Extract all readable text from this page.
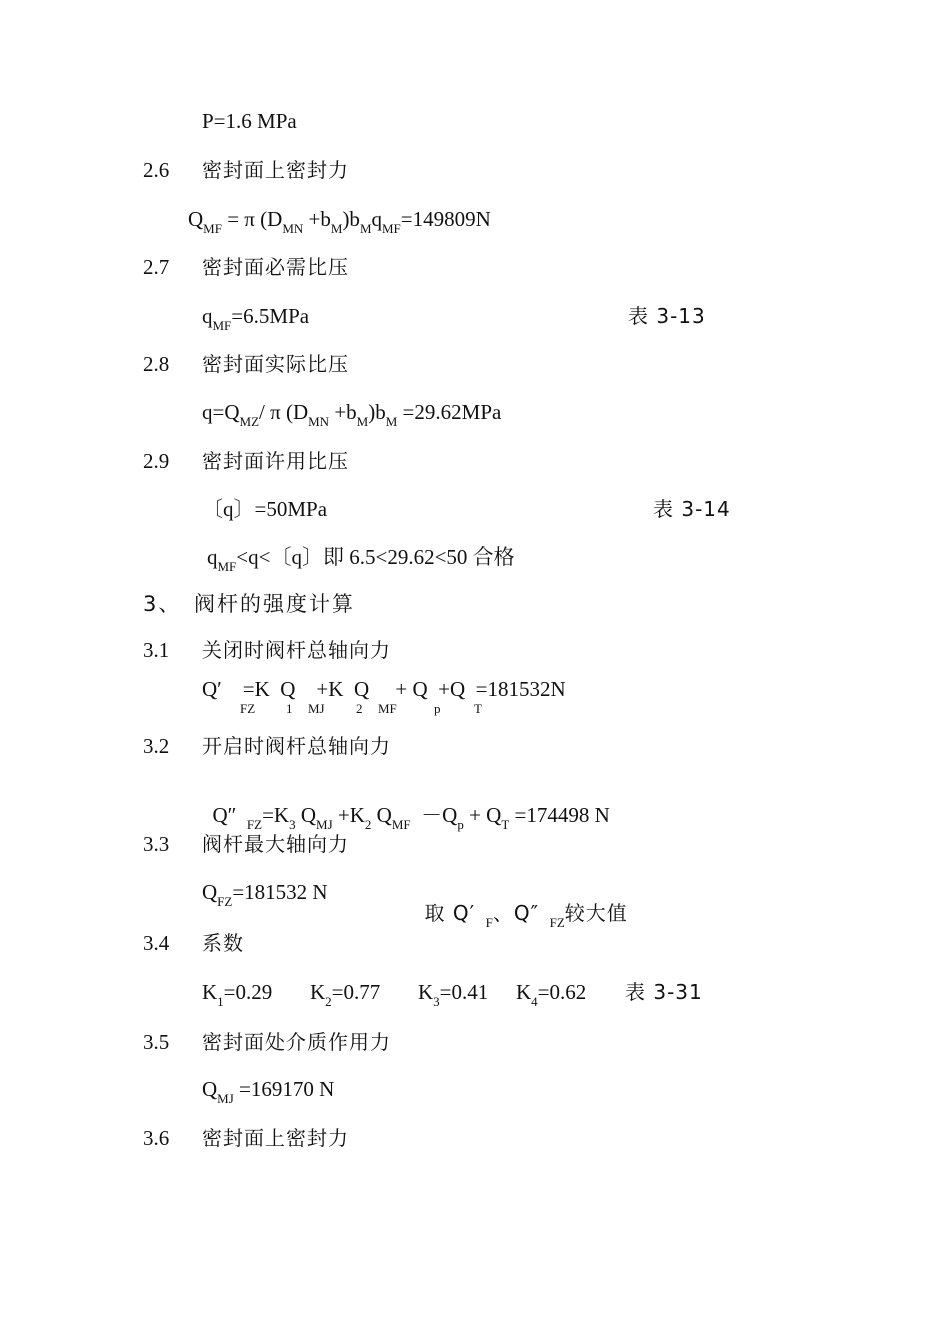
P=1.6 MPa
2.6 密封面上密封力
$Q_{MF} = \pi$ $(D_{MN} +b_M)b_Mq_{MF}=149809N$
2.7 密封面必需比压
$q_{MF}=6.5MPa$	表 3-13
2.8 密封面实际比压
$q=Q_{MZ}/$ π $(D_{MN} +b_M)b_M =29.62MPa$
2.9 密封面许用比压
〔q〕=50MPa	表 3-14
$q_{MF}<q<$〔q〕即 6.5<29.62<50 合格
3、 阀杆的强度计算
3.1 关闭时阀杆总轴向力
Q′    =K  Q    +K  Q     + Q  +Q  =181532N
FZ 1 MJ 2 MF	p	T
3.2 开启时阀杆总轴向力

Q″ $_{FZ}=K_3$ $Q_{MJ} +K_2$ $Q_{MF} -Q_p + Q_T =174498$ N

3.3 阀杆最大轴向力
$Q_{FZ}=181532$ N

取 Q′ $_F$、Q″ $_{FZ}$较大值

3.4 系数
$K_1=0.29$ $K_2=0.77$ $K_3=0.41$ $K_4=0.62$ 表 3-31
3.5 密封面处介质作用力
$Q_{MJ} =169170$ N
3.6 密封面上密封力
